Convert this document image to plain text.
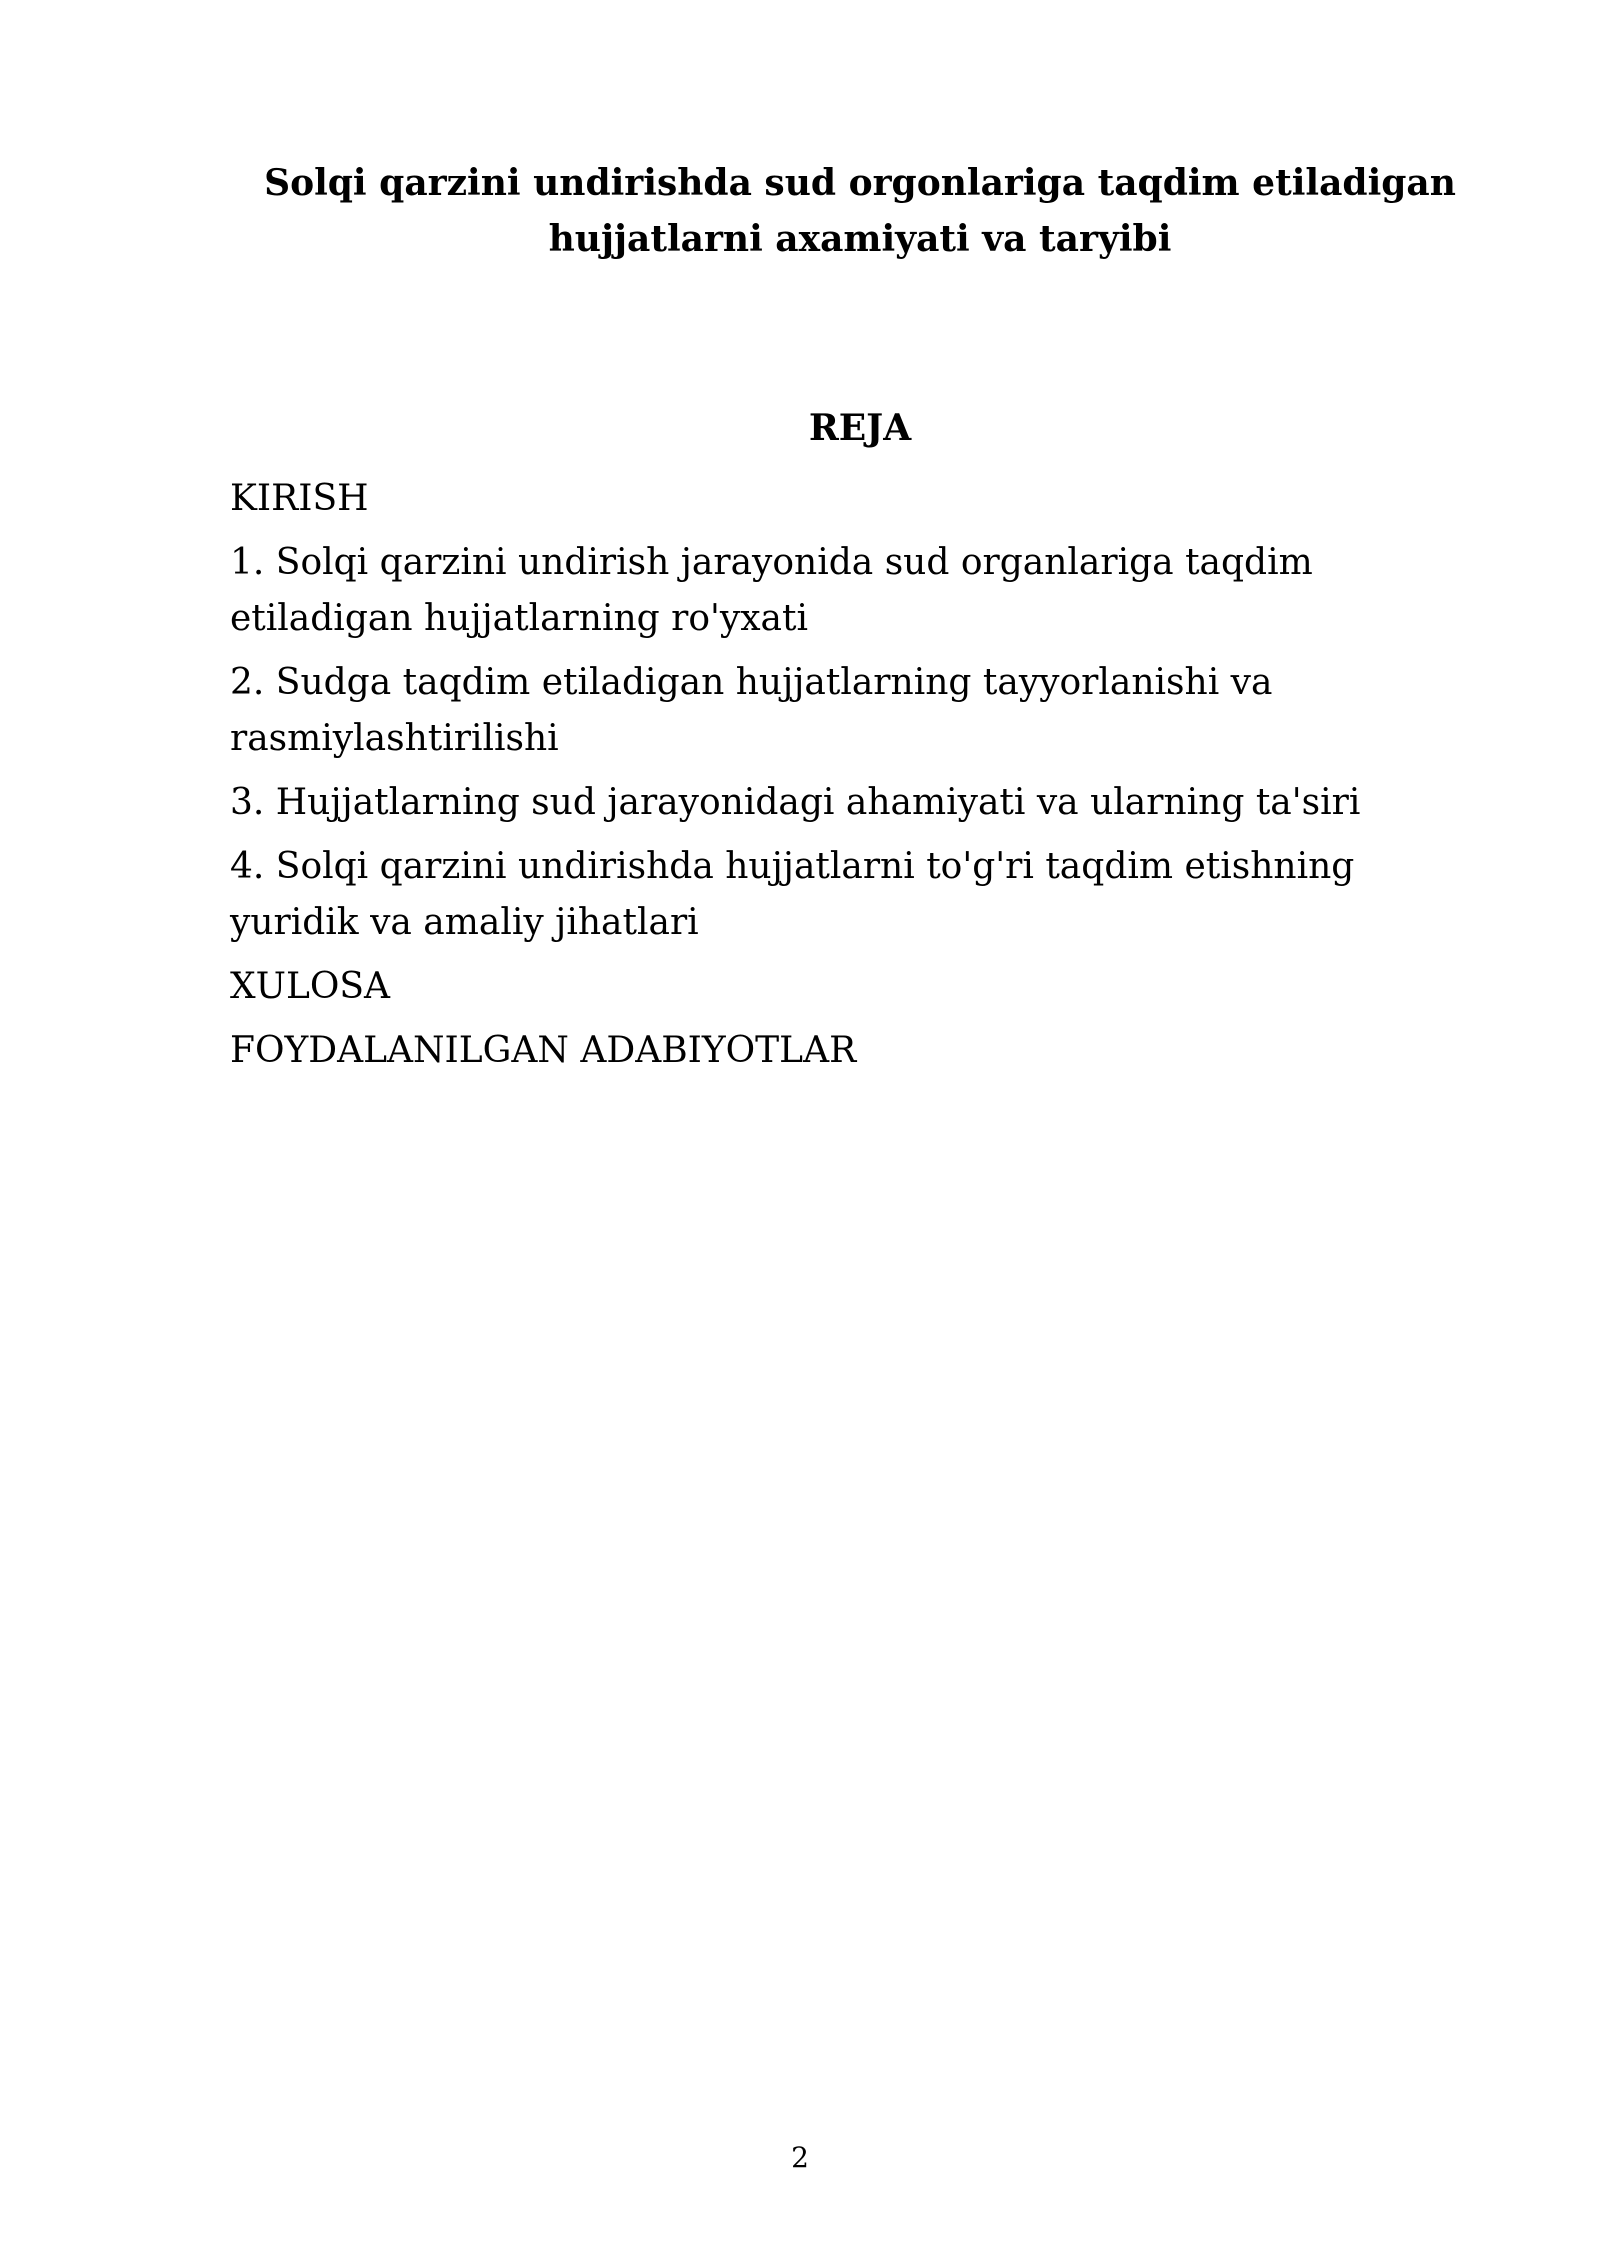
Solqi qarzini undirishda sud orgonlariga taqdim etiladigan hujjatlarni axamiyati va taryibi
REJA
KIRISH
1. Solqi qarzini undirish jarayonida sud organlariga taqdim etiladigan hujjatlarning ro'yxati
2. Sudga taqdim etiladigan hujjatlarning tayyorlanishi va rasmiylashtirilishi
3. Hujjatlarning sud jarayonidagi ahamiyati va ularning ta'siri
4. Solqi qarzini undirishda hujjatlarni to'g'ri taqdim etishning yuridik va amaliy jihatlari
XULOSA
FOYDALANILGAN ADABIYOTLAR
2
